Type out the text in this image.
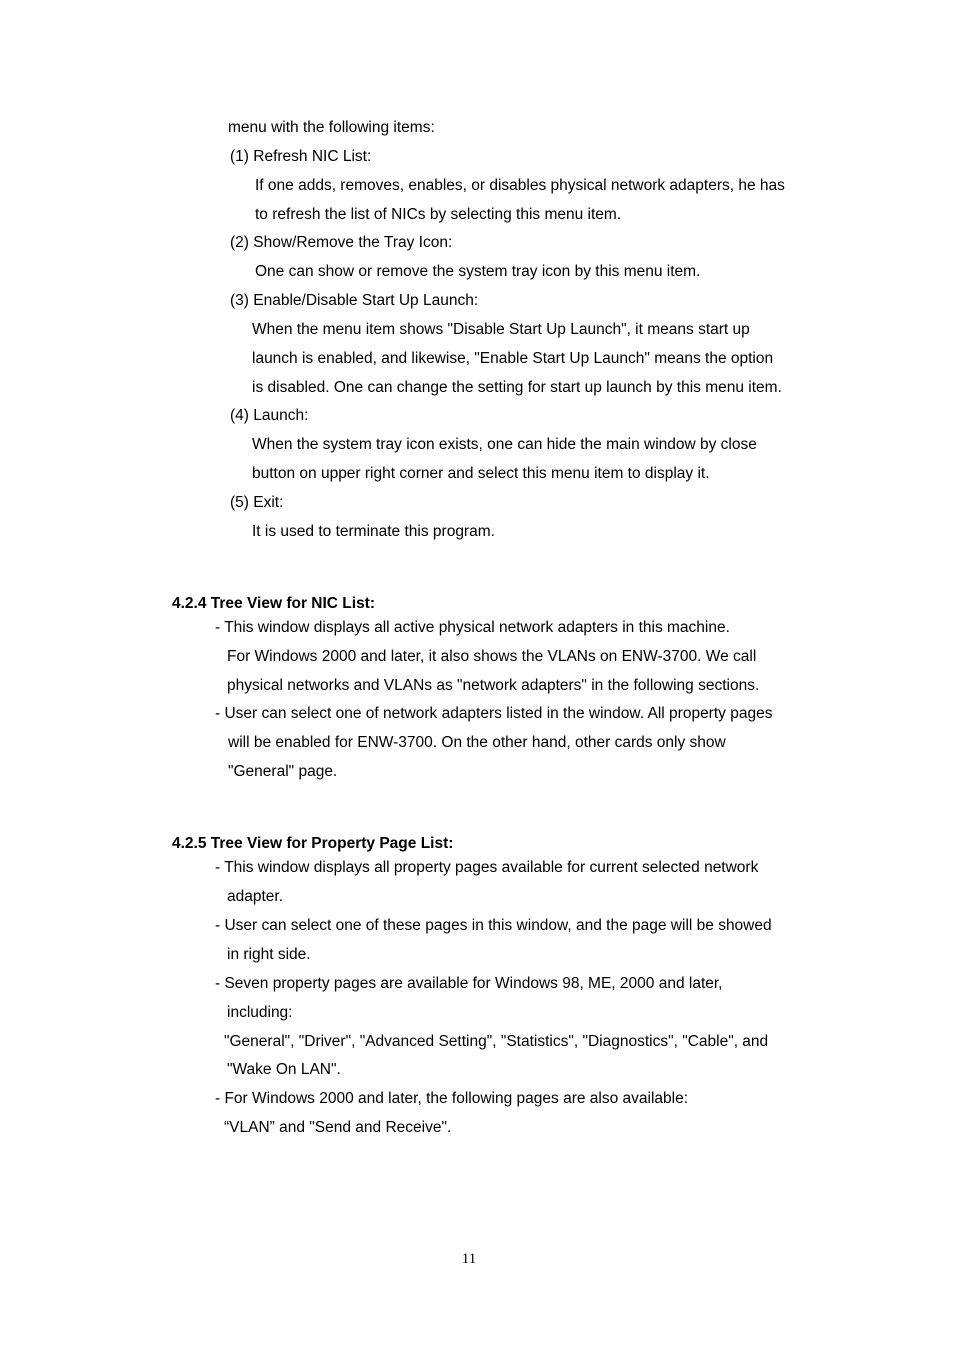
menu with the following items:

(1) Refresh NIC List:

If one adds, removes, enables, or disables physical network adapters, he has

to refresh the list of NICs by selecting this menu item.

(2) Show/Remove the Tray Icon:

One can show or remove the system tray icon by this menu item.

(3) Enable/Disable Start Up Launch:

When the menu item shows "Disable Start Up Launch", it means start up

launch is enabled, and likewise, "Enable Start Up Launch" means the option

is disabled. One can change the setting for start up launch by this menu item.

(4) Launch:

When the system tray icon exists, one can hide the main window by close

button on upper right corner and select this menu item to display it.

(5) Exit:

It is used to terminate this program.

4.2.4 Tree View for NIC List:

- This window displays all active physical network adapters in this machine.

For Windows 2000 and later, it also shows the VLANs on ENW-3700. We call

physical networks and VLANs as "network adapters" in the following sections.

- User can select one of network adapters listed in the window. All property pages

will be enabled for ENW-3700. On the other hand, other cards only show

"General" page.

4.2.5 Tree View for Property Page List:

- This window displays all property pages available for current selected network

adapter.

- User can select one of these pages in this window, and the page will be showed

in right side.

- Seven property pages are available for Windows 98, ME, 2000 and later,

including:

"General", "Driver", "Advanced Setting", "Statistics", "Diagnostics", "Cable", and

"Wake On LAN".

- For Windows 2000 and later, the following pages are also available:

“VLAN” and "Send and Receive".

11
